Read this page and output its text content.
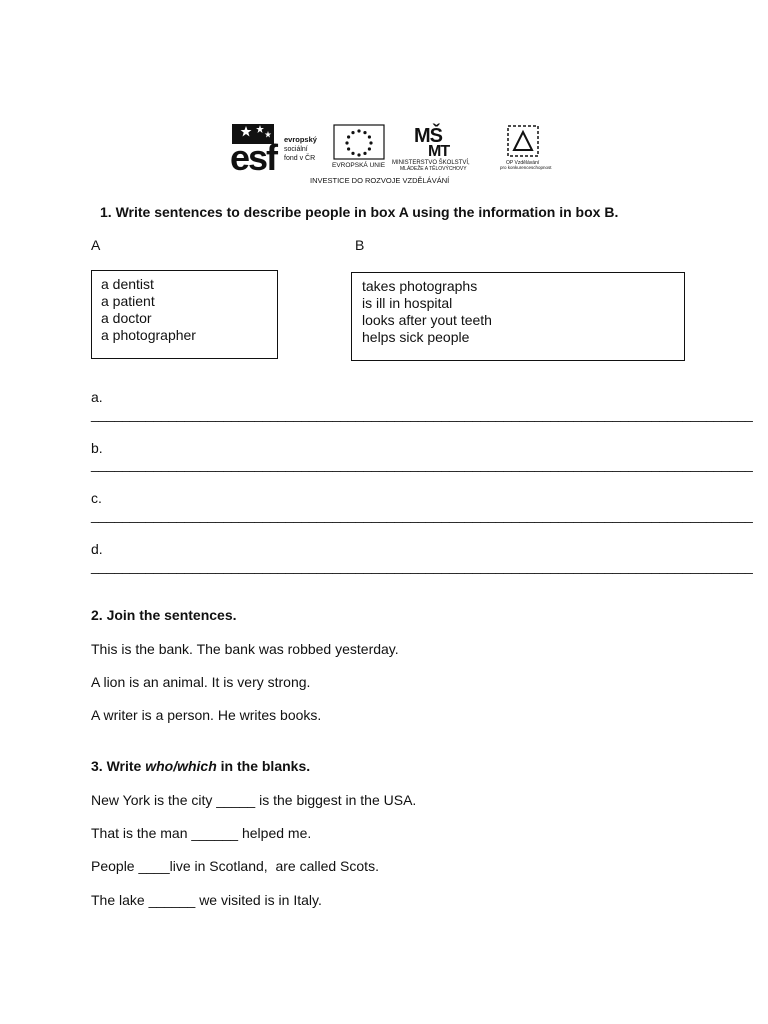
esf	evropský
sociální
fond v ČR
EVROPSKÁ UNIE
MŠ
MT
MINISTERSTVO ŠKOLSTVÍ,
MLÁDEŽE A TĚLOVÝCHOVY
OP Vzdělávání
pro konkurenceschopnost
INVESTICE DO ROZVOJE VZDĚLÁVÁNÍ
1. Write sentences to describe people in box A using the information in box B.
A	B
a dentist
a patient
a doctor
a photographer
takes photographs
is ill in hospital
looks after yout teeth
helps sick people
a.
_____________________________________________________________________________________
b.
_____________________________________________________________________________________
c.
_____________________________________________________________________________________
d.
_____________________________________________________________________________________
2. Join the sentences.
This is the bank. The bank was robbed yesterday.
A lion is an animal. It is very strong.
A writer is a person. He writes books.
3. Write who/which in the blanks.
New York is the city _____ is the biggest in the USA.
That is the man ______ helped me.
People ____live in Scotland,  are called Scots.
The lake ______ we visited is in Italy.
